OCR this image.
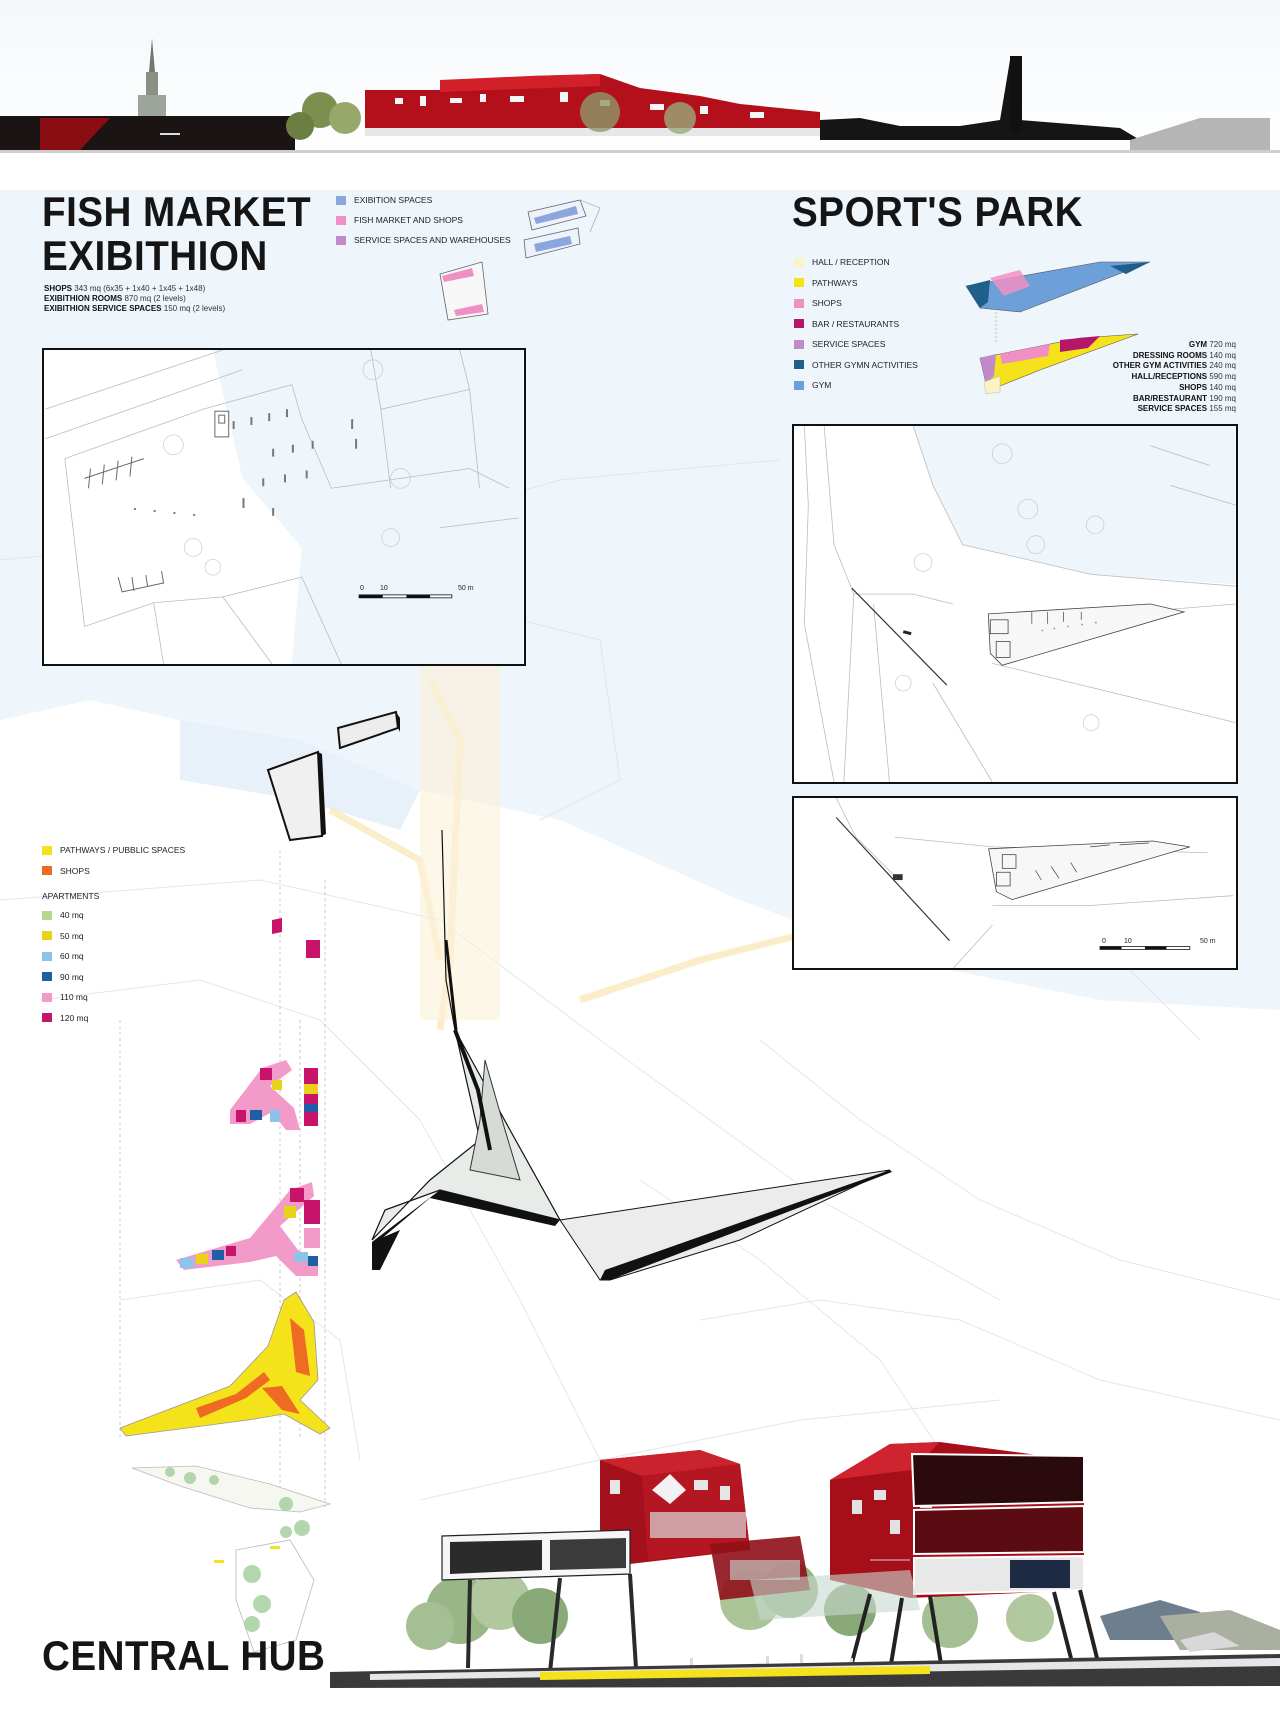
FISH MARKET
EXIBITHION
SHOPS 343 mq (6x35 + 1x40 + 1x45 + 1x48)
EXIBITHION ROOMS 870 mq (2 levels)
EXIBITHION SERVICE SPACES 150 mq (2 levels)
EXIBITION SPACES
FISH MARKET AND SHOPS
SERVICE SPACES AND WAREHOUSES
0 10	50 m
SPORT'S PARK
HALL / RECEPTION
PATHWAYS
SHOPS
BAR / RESTAURANTS
SERVICE SPACES
OTHER GYMN ACTIVITIES
GYM
GYM 720 mq
DRESSING ROOMS 140 mq
OTHER GYM ACTIVITIES 240 mq
HALL/RECEPTIONS 590 mq
SHOPS 140 mq
BAR/RESTAURANT 190 mq
SERVICE SPACES 155 mq
0	10	50 m
PATHWAYS / PUBBLIC SPACES
SHOPS
APARTMENTS
40 mq
50 mq
60 mq
90 mq
110 mq
120 mq
CENTRAL HUB
